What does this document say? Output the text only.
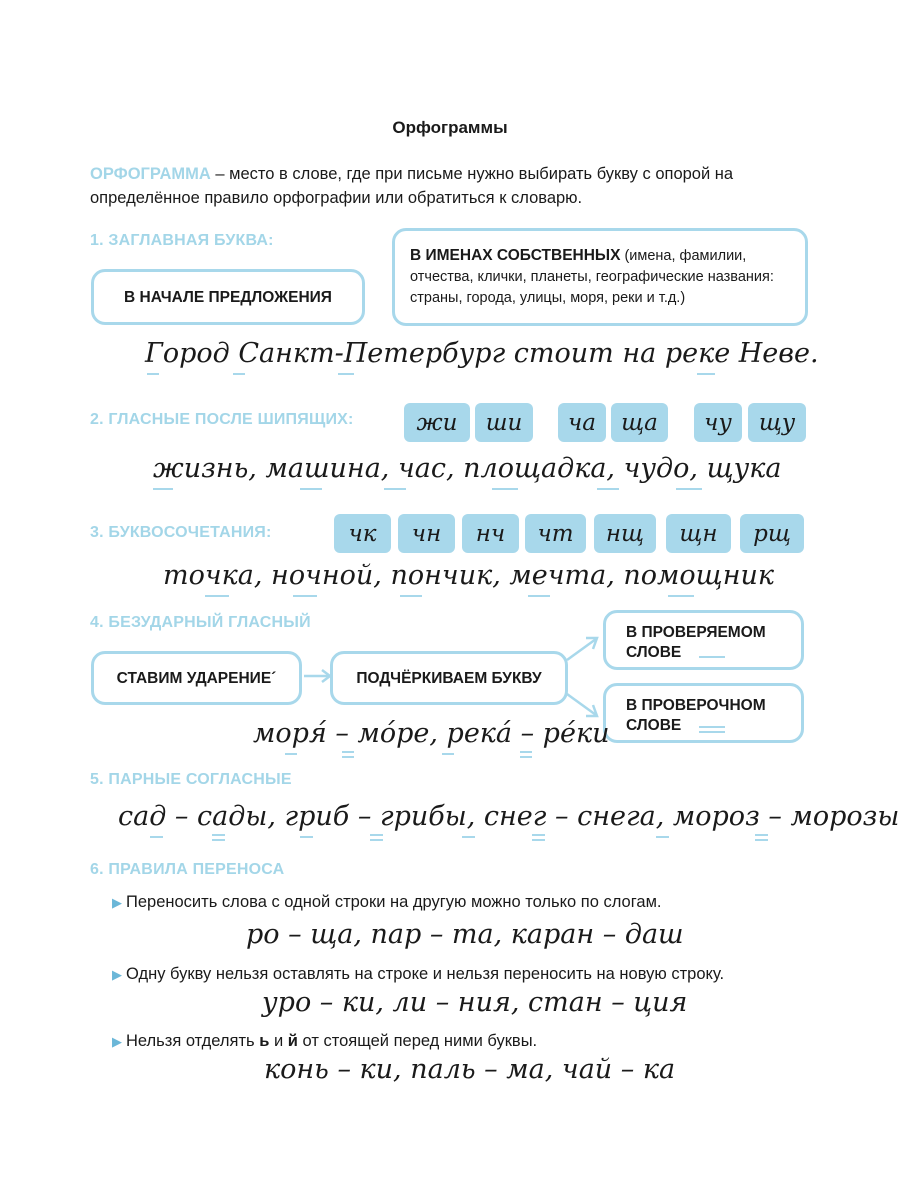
Орфограммы
ОРФОГРАММА – место в слове, где при письме нужно выбирать букву с опорой на определённое правило орфографии или обратиться к словарю.
1. ЗАГЛАВНАЯ БУКВА:
В НАЧАЛЕ ПРЕДЛОЖЕНИЯ
В ИМЕНАХ СОБСТВЕННЫХ (имена, фамилии, отчества, клички, планеты, географические названия: страны, города, улицы, моря, реки и т.д.)
Город Санкт-Петербург стоит на реке Неве.
2. ГЛАСНЫЕ ПОСЛЕ ШИПЯЩИХ:	жи	ши	ча	ща	чу	щу
жизнь, машина, час, площадка, чудо, щука
3. БУКВОСОЧЕТАНИЯ:	чк	чн	нч	чт	нщ	щн	рщ
точка, ночной, пончик, мечта, помощник
4. БЕЗУДАРНЫЙ ГЛАСНЫЙ
СТАВИМ УДАРЕНИЕ´	ПОДЧЁРКИВАЕМ БУКВУ
В ПРОВЕРЯЕМОМ СЛОВЕ
В ПРОВЕРОЧНОМ СЛОВЕ
моря́ – мо́ре, река́ – ре́ки
5. ПАРНЫЕ СОГЛАСНЫЕ
сад – сады, гриб – грибы, снег – снега, мороз – морозы
6. ПРАВИЛА ПЕРЕНОСА
▶ Переносить слова с одной строки на другую можно только по слогам.
ро – ща, пар – та, каран – даш
▶ Одну букву нельзя оставлять на строке и нельзя переносить на новую строку.
уро – ки, ли – ния, стан – ция
▶ Нельзя отделять ь и й от стоящей перед ними буквы.
конь – ки, паль – ма, чай – ка
